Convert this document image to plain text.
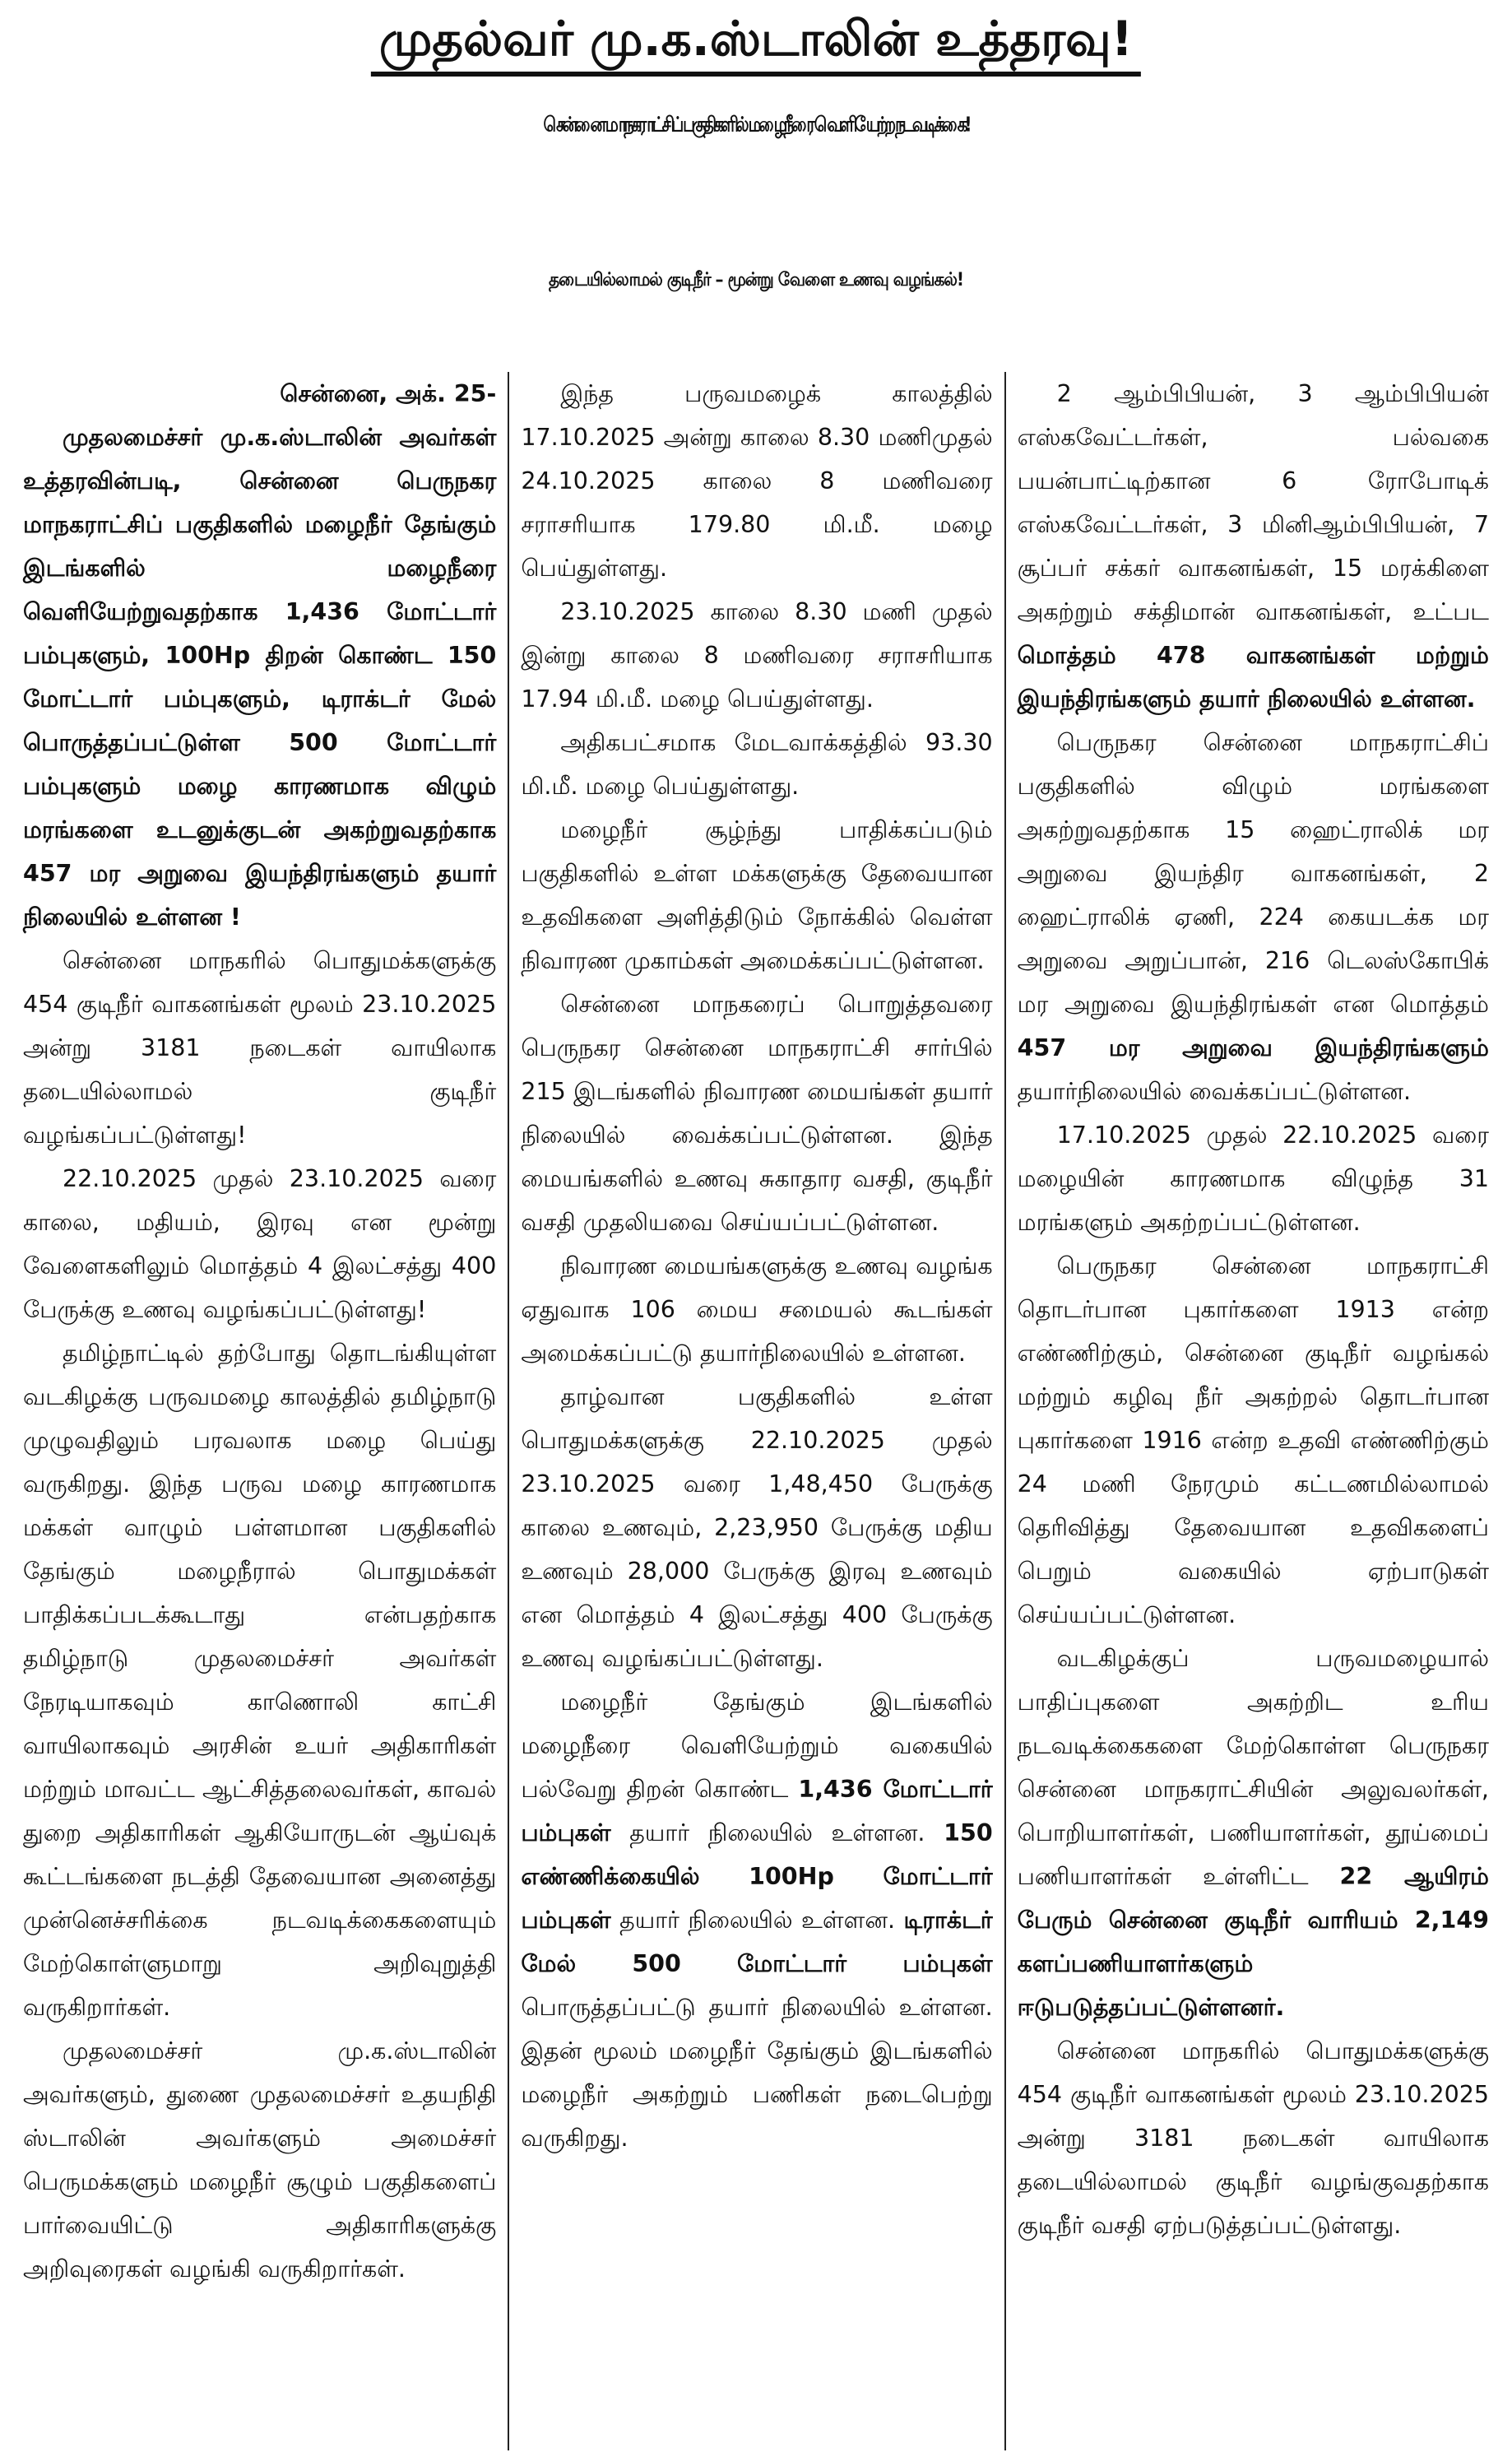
முதல்வர் மு.க.ஸ்டாலின் உத்தரவு!
சென்னை மாநகராட்சிப் பகுதிகளில் மழைநீரை வெளியேற்ற நடவடிக்கை!
தடையில்லாமல் குடிநீர் – மூன்று வேளை உணவு வழங்கல்!

சென்னை, அக். 25-

முதலமைச்சர் மு.க.ஸ்டாலின் அவர்கள் உத்தரவின்படி, சென்னை பெருநகர மாநகராட்சிப் பகுதிகளில் மழைநீர் தேங்கும் இடங்களில் மழைநீரை வெளியேற்றுவதற்காக 1,436 மோட்டார் பம்புகளும், 100Hp திறன் கொண்ட 150 மோட்டார் பம்புகளும், டிராக்டர் மேல் பொருத்தப்பட்டுள்ள 500 மோட்டார் பம்புகளும் மழை காரணமாக விழும் மரங்களை உடனுக்குடன் அகற்றுவதற்காக 457 மர அறுவை இயந்திரங்களும் தயார் நிலையில் உள்ளன !

சென்னை மாநகரில் பொதுமக்களுக்கு 454 குடிநீர் வாகனங்கள் மூலம் 23.10.2025 அன்று 3181 நடைகள் வாயிலாக தடையில்லாமல் குடிநீர் வழங்கப்பட்டுள்ளது!

22.10.2025 முதல் 23.10.2025 வரை காலை, மதியம், இரவு என மூன்று வேளைகளிலும் மொத்தம் 4 இலட்சத்து 400 பேருக்கு உணவு வழங்கப்பட்டுள்ளது!

தமிழ்நாட்டில் தற்போது தொடங்கியுள்ள வடகிழக்கு பருவமழை காலத்தில் தமிழ்நாடு முழுவதிலும் பரவலாக மழை பெய்து வருகிறது. இந்த பருவ மழை காரணமாக மக்கள் வாழும் பள்ளமான பகுதிகளில் தேங்கும் மழைநீரால் பொதுமக்கள் பாதிக்கப்படக்கூடாது என்பதற்காக தமிழ்நாடு முதலமைச்சர் அவர்கள் நேரடியாகவும் காணொலி காட்சி வாயிலாகவும் அரசின் உயர் அதிகாரிகள் மற்றும் மாவட்ட ஆட்சித்தலைவர்கள், காவல் துறை அதிகாரிகள் ஆகியோருடன் ஆய்வுக் கூட்டங்களை நடத்தி தேவையான அனைத்து முன்னெச்சரிக்கை நடவடிக்கைகளையும் மேற்கொள்ளுமாறு அறிவுறுத்தி வருகிறார்கள்.

முதலமைச்சர் மு.க.ஸ்டாலின் அவர்களும், துணை முதலமைச்சர் உதயநிதி ஸ்டாலின் அவர்களும் அமைச்சர் பெருமக்களும் மழைநீர் சூழும் பகுதிகளைப் பார்வையிட்டு அதிகாரிகளுக்கு அறிவுரைகள் வழங்கி வருகிறார்கள்.

இந்த பருவமழைக் காலத்தில் 17.10.2025 அன்று காலை 8.30 மணிமுதல் 24.10.2025 காலை 8 மணிவரை சராசரியாக 179.80 மி.மீ. மழை பெய்துள்ளது.

23.10.2025 காலை 8.30 மணி முதல் இன்று காலை 8 மணிவரை சராசரியாக 17.94 மி.மீ. மழை பெய்துள்ளது.

அதிகபட்சமாக மேடவாக்கத்தில் 93.30 மி.மீ. மழை பெய்துள்ளது.

மழைநீர் சூழ்ந்து பாதிக்கப்படும் பகுதிகளில் உள்ள மக்களுக்கு தேவையான உதவிகளை அளித்திடும் நோக்கில் வெள்ள நிவாரண முகாம்கள் அமைக்கப்பட்டுள்ளன.

சென்னை மாநகரைப் பொறுத்தவரை பெருநகர சென்னை மாநகராட்சி சார்பில் 215 இடங்களில் நிவாரண மையங்கள் தயார் நிலையில் வைக்கப்பட்டுள்ளன. இந்த மையங்களில் உணவு சுகாதார வசதி, குடிநீர் வசதி முதலியவை செய்யப்பட்டுள்ளன.

நிவாரண மையங்களுக்கு உணவு வழங்க ஏதுவாக 106 மைய சமையல் கூடங்கள் அமைக்கப்பட்டு தயார்நிலையில் உள்ளன.

தாழ்வான பகுதிகளில் உள்ள பொதுமக்களுக்கு 22.10.2025 முதல் 23.10.2025 வரை 1,48,450 பேருக்கு காலை உணவும், 2,23,950 பேருக்கு மதிய உணவும் 28,000 பேருக்கு இரவு உணவும் என மொத்தம் 4 இலட்சத்து 400 பேருக்கு உணவு வழங்கப்பட்டுள்ளது.

மழைநீர் தேங்கும் இடங்களில் மழைநீரை வெளியேற்றும் வகையில் பல்வேறு திறன் கொண்ட 1,436 மோட்டார் பம்புகள் தயார் நிலையில் உள்ளன. 150 எண்ணிக்கையில் 100Hp மோட்டார் பம்புகள் தயார் நிலையில் உள்ளன. டிராக்டர் மேல் 500 மோட்டார் பம்புகள் பொருத்தப்பட்டு தயார் நிலையில் உள்ளன. இதன் மூலம் மழைநீர் தேங்கும் இடங்களில் மழைநீர் அகற்றும் பணிகள் நடைபெற்று வருகிறது.

2 ஆம்பிபியன், 3 ஆம்பிபியன் எஸ்கவேட்டர்கள், பல்வகை பயன்பாட்டிற்கான 6 ரோபோடிக் எஸ்கவேட்டர்கள், 3 மினிஆம்பிபியன், 7 சூப்பர் சக்கர் வாகனங்கள், 15 மரக்கிளை அகற்றும் சக்திமான் வாகனங்கள், உட்பட மொத்தம் 478 வாகனங்கள் மற்றும் இயந்திரங்களும் தயார் நிலையில் உள்ளன.

பெருநகர சென்னை மாநகராட்சிப் பகுதிகளில் விழும் மரங்களை அகற்றுவதற்காக 15 ஹைட்ராலிக் மர அறுவை இயந்திர வாகனங்கள், 2 ஹைட்ராலிக் ஏணி, 224 கையடக்க மர அறுவை அறுப்பான், 216 டெலஸ்கோபிக் மர அறுவை இயந்திரங்கள் என மொத்தம் 457 மர அறுவை இயந்திரங்களும் தயார்நிலையில் வைக்கப்பட்டுள்ளன.

17.10.2025 முதல் 22.10.2025 வரை மழையின் காரணமாக விழுந்த 31 மரங்களும் அகற்றப்பட்டுள்ளன.

பெருநகர சென்னை மாநகராட்சி தொடர்பான புகார்களை 1913 என்ற எண்ணிற்கும், சென்னை குடிநீர் வழங்கல் மற்றும் கழிவு நீர் அகற்றல் தொடர்பான புகார்களை 1916 என்ற உதவி எண்ணிற்கும் 24 மணி நேரமும் கட்டணமில்லாமல் தெரிவித்து தேவையான உதவிகளைப் பெறும் வகையில் ஏற்பாடுகள் செய்யப்பட்டுள்ளன.

வடகிழக்குப் பருவமழையால் பாதிப்புகளை அகற்றிட உரிய நடவடிக்கைகளை மேற்கொள்ள பெருநகர சென்னை மாநகராட்சியின் அலுவலர்கள், பொறியாளர்கள், பணியாளர்கள், தூய்மைப் பணியாளர்கள் உள்ளிட்ட 22 ஆயிரம் பேரும் சென்னை குடிநீர் வாரியம் 2,149 களப்பணியாளர்களும் ஈடுபடுத்தப்பட்டுள்ளனர்.

சென்னை மாநகரில் பொதுமக்களுக்கு 454 குடிநீர் வாகனங்கள் மூலம் 23.10.2025 அன்று 3181 நடைகள் வாயிலாக தடையில்லாமல் குடிநீர் வழங்குவதற்காக குடிநீர் வசதி ஏற்படுத்தப்பட்டுள்ளது.
